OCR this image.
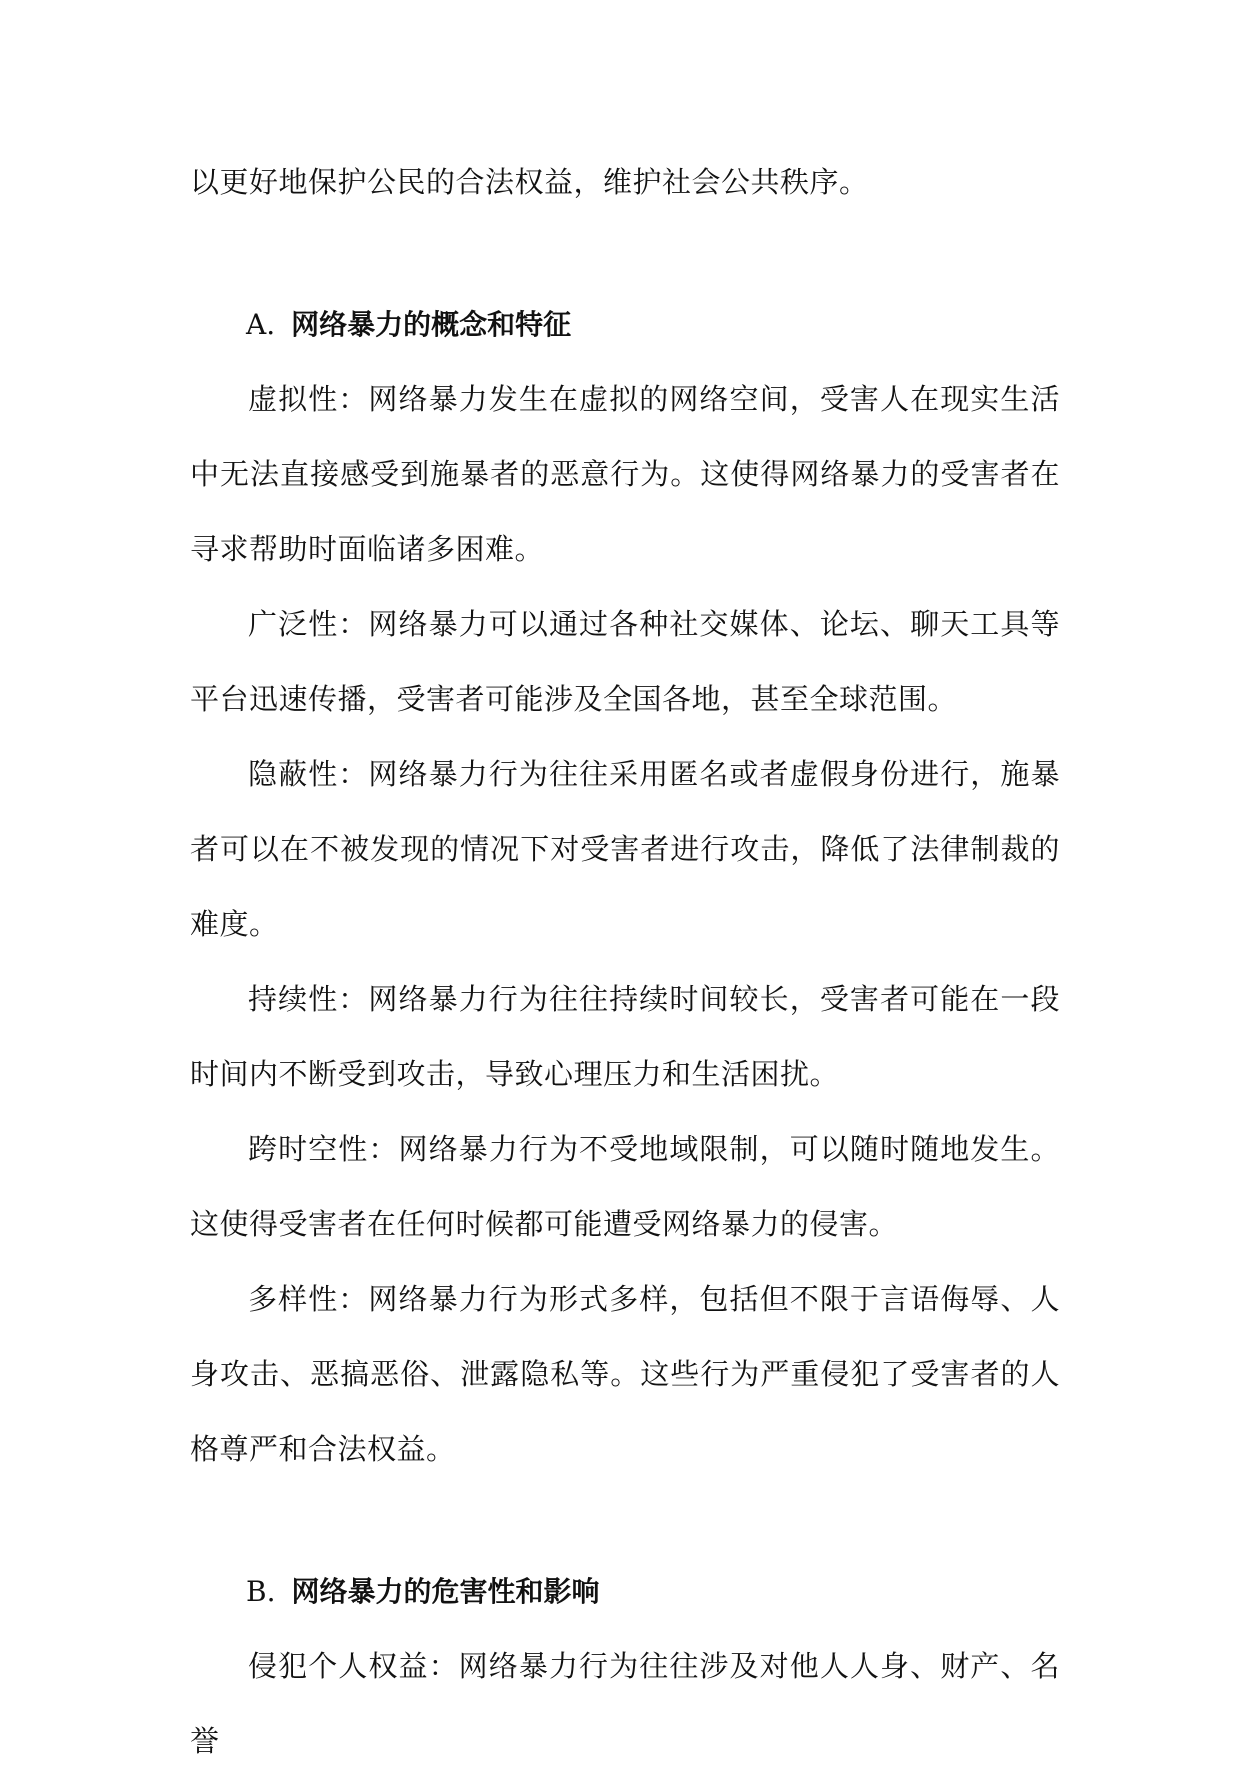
以更好地保护公民的合法权益，维护社会公共秩序。

A. 网络暴力的概念和特征

虚拟性：网络暴力发生在虚拟的网络空间，受害人在现实生活中无法直接感受到施暴者的恶意行为。这使得网络暴力的受害者在寻求帮助时面临诸多困难。

广泛性：网络暴力可以通过各种社交媒体、论坛、聊天工具等平台迅速传播，受害者可能涉及全国各地，甚至全球范围。

隐蔽性：网络暴力行为往往采用匿名或者虚假身份进行，施暴者可以在不被发现的情况下对受害者进行攻击，降低了法律制裁的难度。

持续性：网络暴力行为往往持续时间较长，受害者可能在一段时间内不断受到攻击，导致心理压力和生活困扰。

跨时空性：网络暴力行为不受地域限制，可以随时随地发生。这使得受害者在任何时候都可能遭受网络暴力的侵害。

多样性：网络暴力行为形式多样，包括但不限于言语侮辱、人身攻击、恶搞恶俗、泄露隐私等。这些行为严重侵犯了受害者的人格尊严和合法权益。

B. 网络暴力的危害性和影响

侵犯个人权益：网络暴力行为往往涉及对他人人身、财产、名誉
